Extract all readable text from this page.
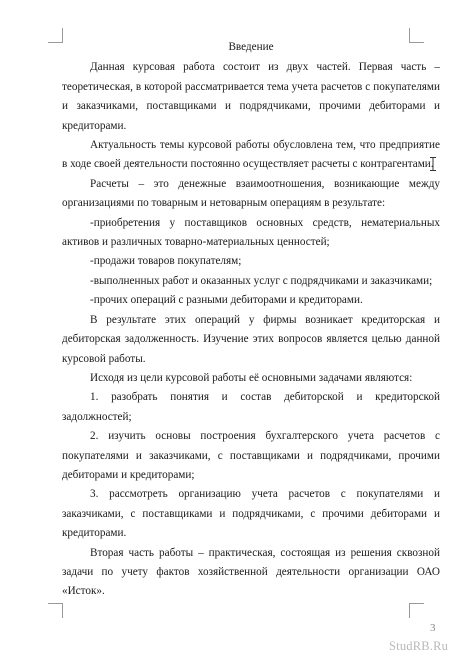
Введение

Данная курсовая работа состоит из двух частей. Первая часть – теоретическая, в которой рассматривается тема учета расчетов с покупателями и заказчиками, поставщиками и подрядчиками, прочими дебиторами и кредиторами.

Актуальность темы курсовой работы обусловлена тем, что предприятие в ходе своей деятельности постоянно осуществляет расчеты с контрагентами.

Расчеты – это денежные взаимоотношения, возникающие между организациями по товарным и нетоварным операциям в результате:

-приобретения у поставщиков основных средств, нематериальных активов и различных товарно-материальных ценностей;

-продажи товаров покупателям;

-выполненных работ и оказанных услуг с подрядчиками и заказчиками;

-прочих операций с разными дебиторами и кредиторами.

В результате этих операций у фирмы возникает кредиторская и дебиторская задолженность. Изучение этих вопросов является целью данной курсовой работы.

Исходя из цели курсовой работы её основными задачами являются:

1. разобрать понятия и состав дебиторской и кредиторской задолжностей;

2. изучить основы построения бухгалтерского учета расчетов с покупателями и заказчиками, с поставщиками и подрядчиками, прочими дебиторами и кредиторами;

3. рассмотреть организацию учета расчетов с покупателями и заказчиками, с поставщиками и подрядчиками, с прочими дебиторами и кредиторами.

Вторая часть работы – практическая, состоящая из решения сквозной задачи по учету фактов хозяйственной деятельности организации ОАО «Исток».

3
StudRB.Ru
